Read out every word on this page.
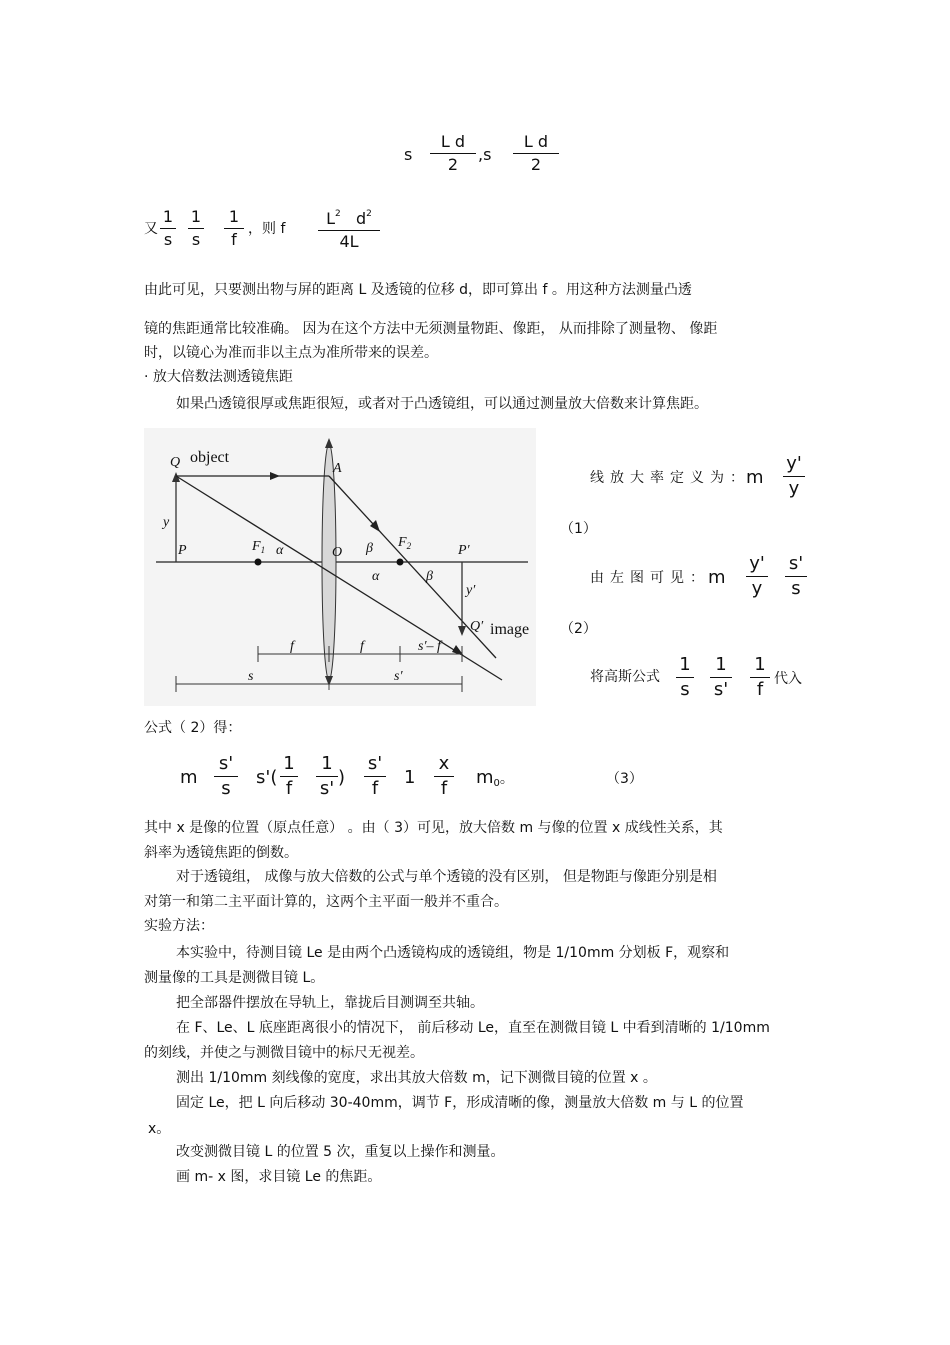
s
L d
2
,s
L d
2
又
1
s
1
s
1
f
，则 f
$L^2$ $d^2$
4L
由此可见，只要测出物与屏的距离 L 及透镜的位移 d，即可算出 f 。用这种方法测量凸透
镜的焦距通常比较准确。 因为在这个方法中无须测量物距、像距， 从而排除了测量物、 像距
时，以镜心为准而非以主点为准所带来的误差。
· 放大倍数法测透镜焦距
如果凸透镜很厚或焦距很短，或者对于凸透镜组，可以通过测量放大倍数来计算焦距。
Q object
A
y
P	$F_1$ α	O β
α
$F_2$
β
P′
y′
Q′ image
f	f	s′– f
s	s′
线放大率定义为：
m
y'
y
（1）
由左图可见：
m
y'
y
s'
s
（2）
将高斯公式
1
s
1
s'
1
f 代入
公式（ 2）得：
m
s'
s
s'(
1
f
1
s'
)
s'
f
1
x
f
$m_0$。	（3）
其中 x 是像的位置（原点任意） 。由（ 3）可见，放大倍数 m 与像的位置 x 成线性关系，其
斜率为透镜焦距的倒数。
对于透镜组， 成像与放大倍数的公式与单个透镜的没有区别， 但是物距与像距分别是相
对第一和第二主平面计算的，这两个主平面一般并不重合。
实验方法：
本实验中，待测目镜 Le 是由两个凸透镜构成的透镜组，物是 1/10mm 分划板 F，观察和
测量像的工具是测微目镜 L。
把全部器件摆放在导轨上，靠拢后目测调至共轴。
在 F、Le、L 底座距离很小的情况下， 前后移动 Le，直至在测微目镜 L 中看到清晰的 1/10mm
的刻线，并使之与测微目镜中的标尺无视差。
测出 1/10mm 刻线像的宽度，求出其放大倍数 m，记下测微目镜的位置 x 。
固定 Le，把 L 向后移动 30-40mm，调节 F，形成清晰的像，测量放大倍数 m 与 L 的位置
x。
改变测微目镜 L 的位置 5 次，重复以上操作和测量。
画 m- x 图，求目镜 Le 的焦距。
